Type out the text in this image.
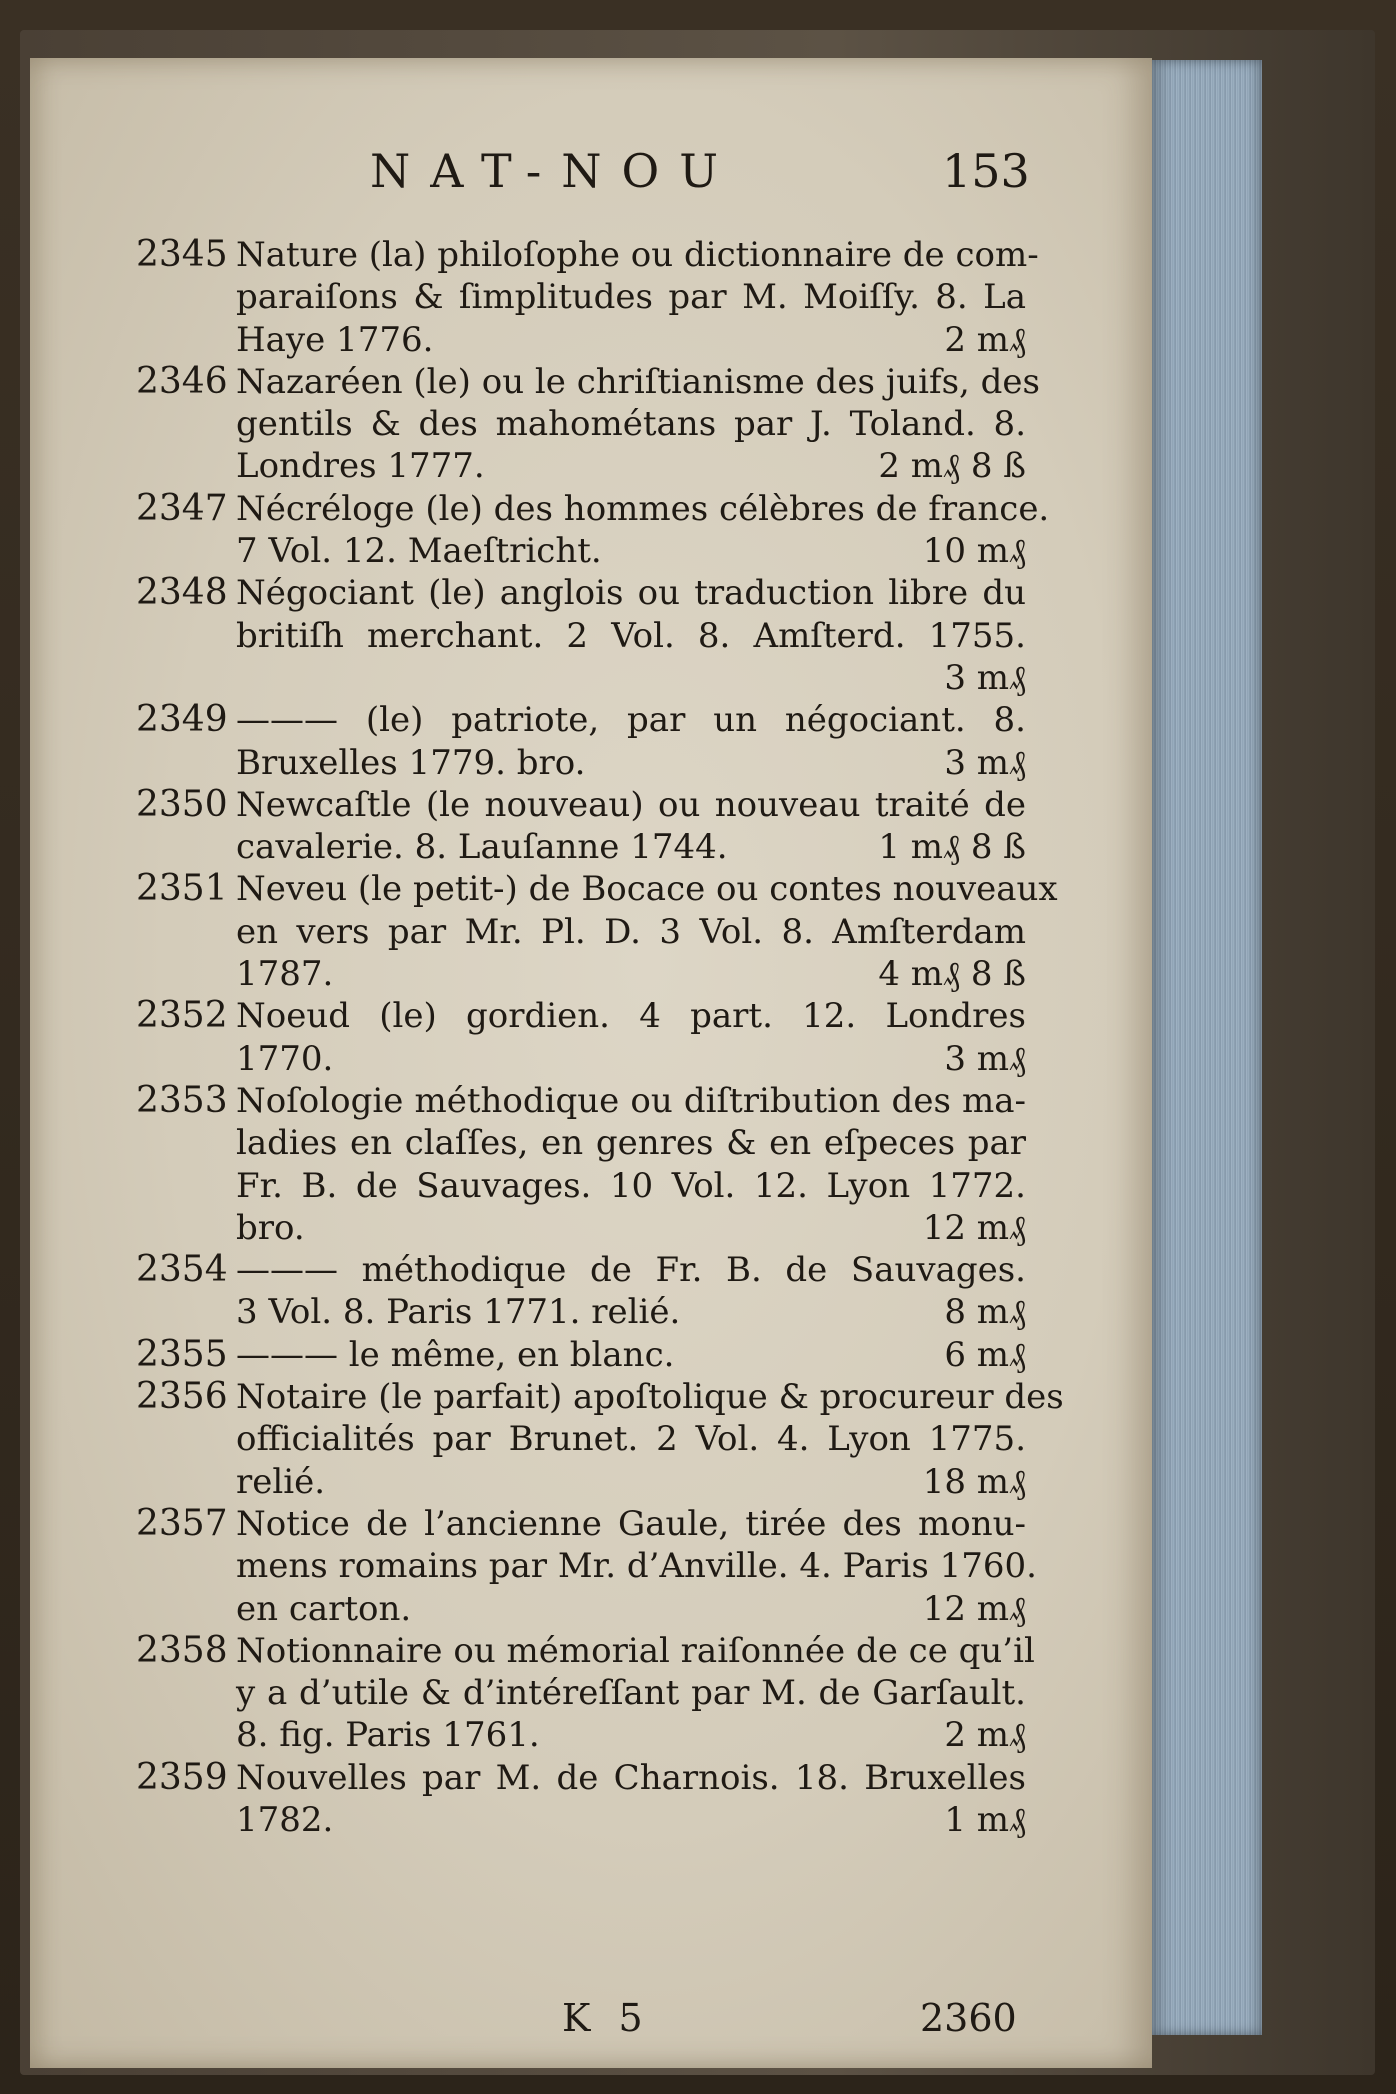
NAT-NOU	153
2345 Nature (la) philoſophe ou dictionnaire de com-
paraiſons & ſimplitudes par M. Moiſſy. 8. La
Haye 1776.	2 m₰
2346 Nazaréen (le) ou le chriſtianisme des juifs, des
gentils & des mahométans par J. Toland. 8.
Londres 1777.	2 m₰ 8 ß
2347 Nécréloge (le) des hommes célèbres de france.
7 Vol. 12. Maeſtricht.	10 m₰
2348 Négociant (le) anglois ou traduction libre du
britiſh merchant. 2 Vol. 8. Amſterd. 1755.
3 m₰
2349 ——— (le) patriote, par un négociant. 8.
Bruxelles 1779. bro.	3 m₰
2350 Newcaſtle (le nouveau) ou nouveau traité de
cavalerie. 8. Lauſanne 1744.	1 m₰ 8 ß
2351 Neveu (le petit-) de Bocace ou contes nouveaux
en vers par Mr. Pl. D. 3 Vol. 8. Amſterdam
1787.	4 m₰ 8 ß
2352 Noeud (le) gordien. 4 part. 12. Londres
1770.	3 m₰
2353 Noſologie méthodique ou diſtribution des ma-
ladies en claſſes, en genres & en eſpeces par
Fr. B. de Sauvages. 10 Vol. 12. Lyon 1772.
bro.	12 m₰
2354 ——— méthodique de Fr. B. de Sauvages.
3 Vol. 8. Paris 1771. relié.	8 m₰
2355 ——— le même, en blanc.	6 m₰
2356 Notaire (le parfait) apoſtolique & procureur des
officialités par Brunet. 2 Vol. 4. Lyon 1775.
relié.	18 m₰
2357 Notice de l’ancienne Gaule, tirée des monu-
mens romains par Mr. d’Anville. 4. Paris 1760.
en carton.	12 m₰
2358 Notionnaire ou mémorial raiſonnée de ce qu’il
y a d’utile & d’intéreſſant par M. de Garſault.
8. fig. Paris 1761.	2 m₰
2359 Nouvelles par M. de Charnois. 18. Bruxelles
1782.	1 m₰
K 5	2360
